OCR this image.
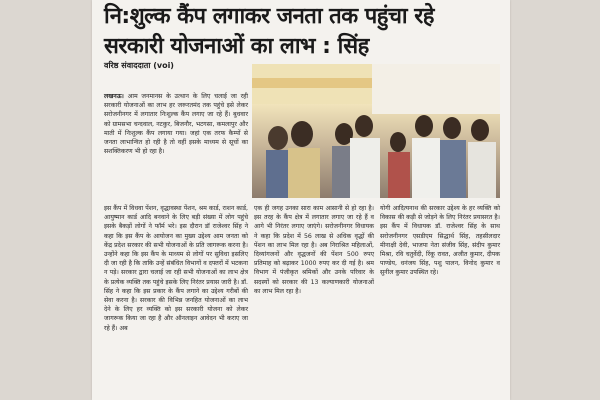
नि:शुल्क कैंप लगाकर जनता तक पहुंचा रहे सरकारी योजनाओं का लाभ : सिंह
वरिष्ठ संवाददाता (voi)
लखनऊ। आम जनमानस के उत्थान के लिए चलाई जा रही सरकारी योजनाओं का लाभ हर जरूरतमंद तक पहुंचे इसे लेकर सरोजनीनगर में लगातार निःशुल्क कैंप लगाए जा रहे हैं। बुधवार को ग्रामसभा चन्दवाल, नटकुर, बिजनौर, भटगसा, कमलापुर और माती में निःशुल्क कैंप लगाया गया। जहां एक तरफ कैम्पों से जनता लाभान्वित हो रही है तो वहीं इसके माध्यम से सूचों का सशक्तिकरण भी हो रहा है।
इस कैंप में विधवा पेंशन, वृद्धावस्था पेंशन, श्रम कार्ड, राशन कार्ड, आयुष्मान कार्ड आदि बनवाने के लिए बड़ी संख्या में लोग पहुंचे इसके बैकड़ों लोगों ने फॉर्म भरे। इस दौरान डॉ राजेश्वर सिंह ने कहा कि इस कैंप के आयोजन का मुख्य उद्देश्य आम जनता को केंद्र प्रदेश सरकार की सभी योजनाओं के प्रति जागरूक करना है। उन्होंने कहा कि इस कैंप के माध्यम से लोगों पर सुविधा इसलिए दी जा रही है कि ताकि उन्हें संबंधित विभागों व दफ्तरों में भटकना न पड़े। सरकार द्वारा चलाई जा रही सभी योजनाओं का लाभ क्षेत्र के प्रत्येक व्यक्ति तक पहुंचे इसके लिए निरंतर प्रयास जारी है। डॉ. सिंह ने कहा कि इस प्रकार के कैंप लगाने का उद्देश्य गरीबों की सेवा करना है। सरकार की विभिन्न जनहित योजनाओं का लाभ देने के लिए हर व्यक्ति को इस सरकारी योजना को लेकर जागरूक किया जा रहा है और ऑनलाइन आवेदन भी कराए जा रहे हैं। अब
एक ही जगह उनका सारा काम आसानी से हो रहा है। इस तरह के कैंप क्षेत्र में लगातार लगाए जा रहे हैं व आगे भी निरंतर लगाए जाएंगे। सरोजनीनगर विधायक ने कहा कि प्रदेश में 56 लाख से अधिक वृद्धों की पेंशन का लाभ मिल रहा है। अब निराश्रित महिलाओं, दिव्यांगजनों और वृद्धजनों की पेंशन 500 रुपए प्रतिमाह को बढ़ाकर 1000 रुपए कर दी गई है। श्रम विभाग में पंजीकृत श्रमिकों और उनके परिवार के सदस्यों को सरकार की 13 कल्याणकारी योजनाओं का लाभ मिल रहा है।
योगी आदित्यनाथ की सरकार उद्देश्य के हर व्यक्ति को विकास की कड़ी से जोड़ने के लिए निरंतर प्रयासरत है। इस कैंप में विधायक डॉ. राजेश्वर सिंह के साथ सरोजनीनगर एसडीएम सिद्धार्थ सिंह, तहसीलदार मीनाक्षी देवी, भाजपा नेता संजीव सिंह, संदीप कुमार मिश्रा, रवि चतुर्वेदी, रिंकू रावत, अजीत कुमार, दीपक पाण्डेय, धनंजय सिंह, पशु पालन, विनोद कुमार व सुनील कुमार उपस्थित रहे।
